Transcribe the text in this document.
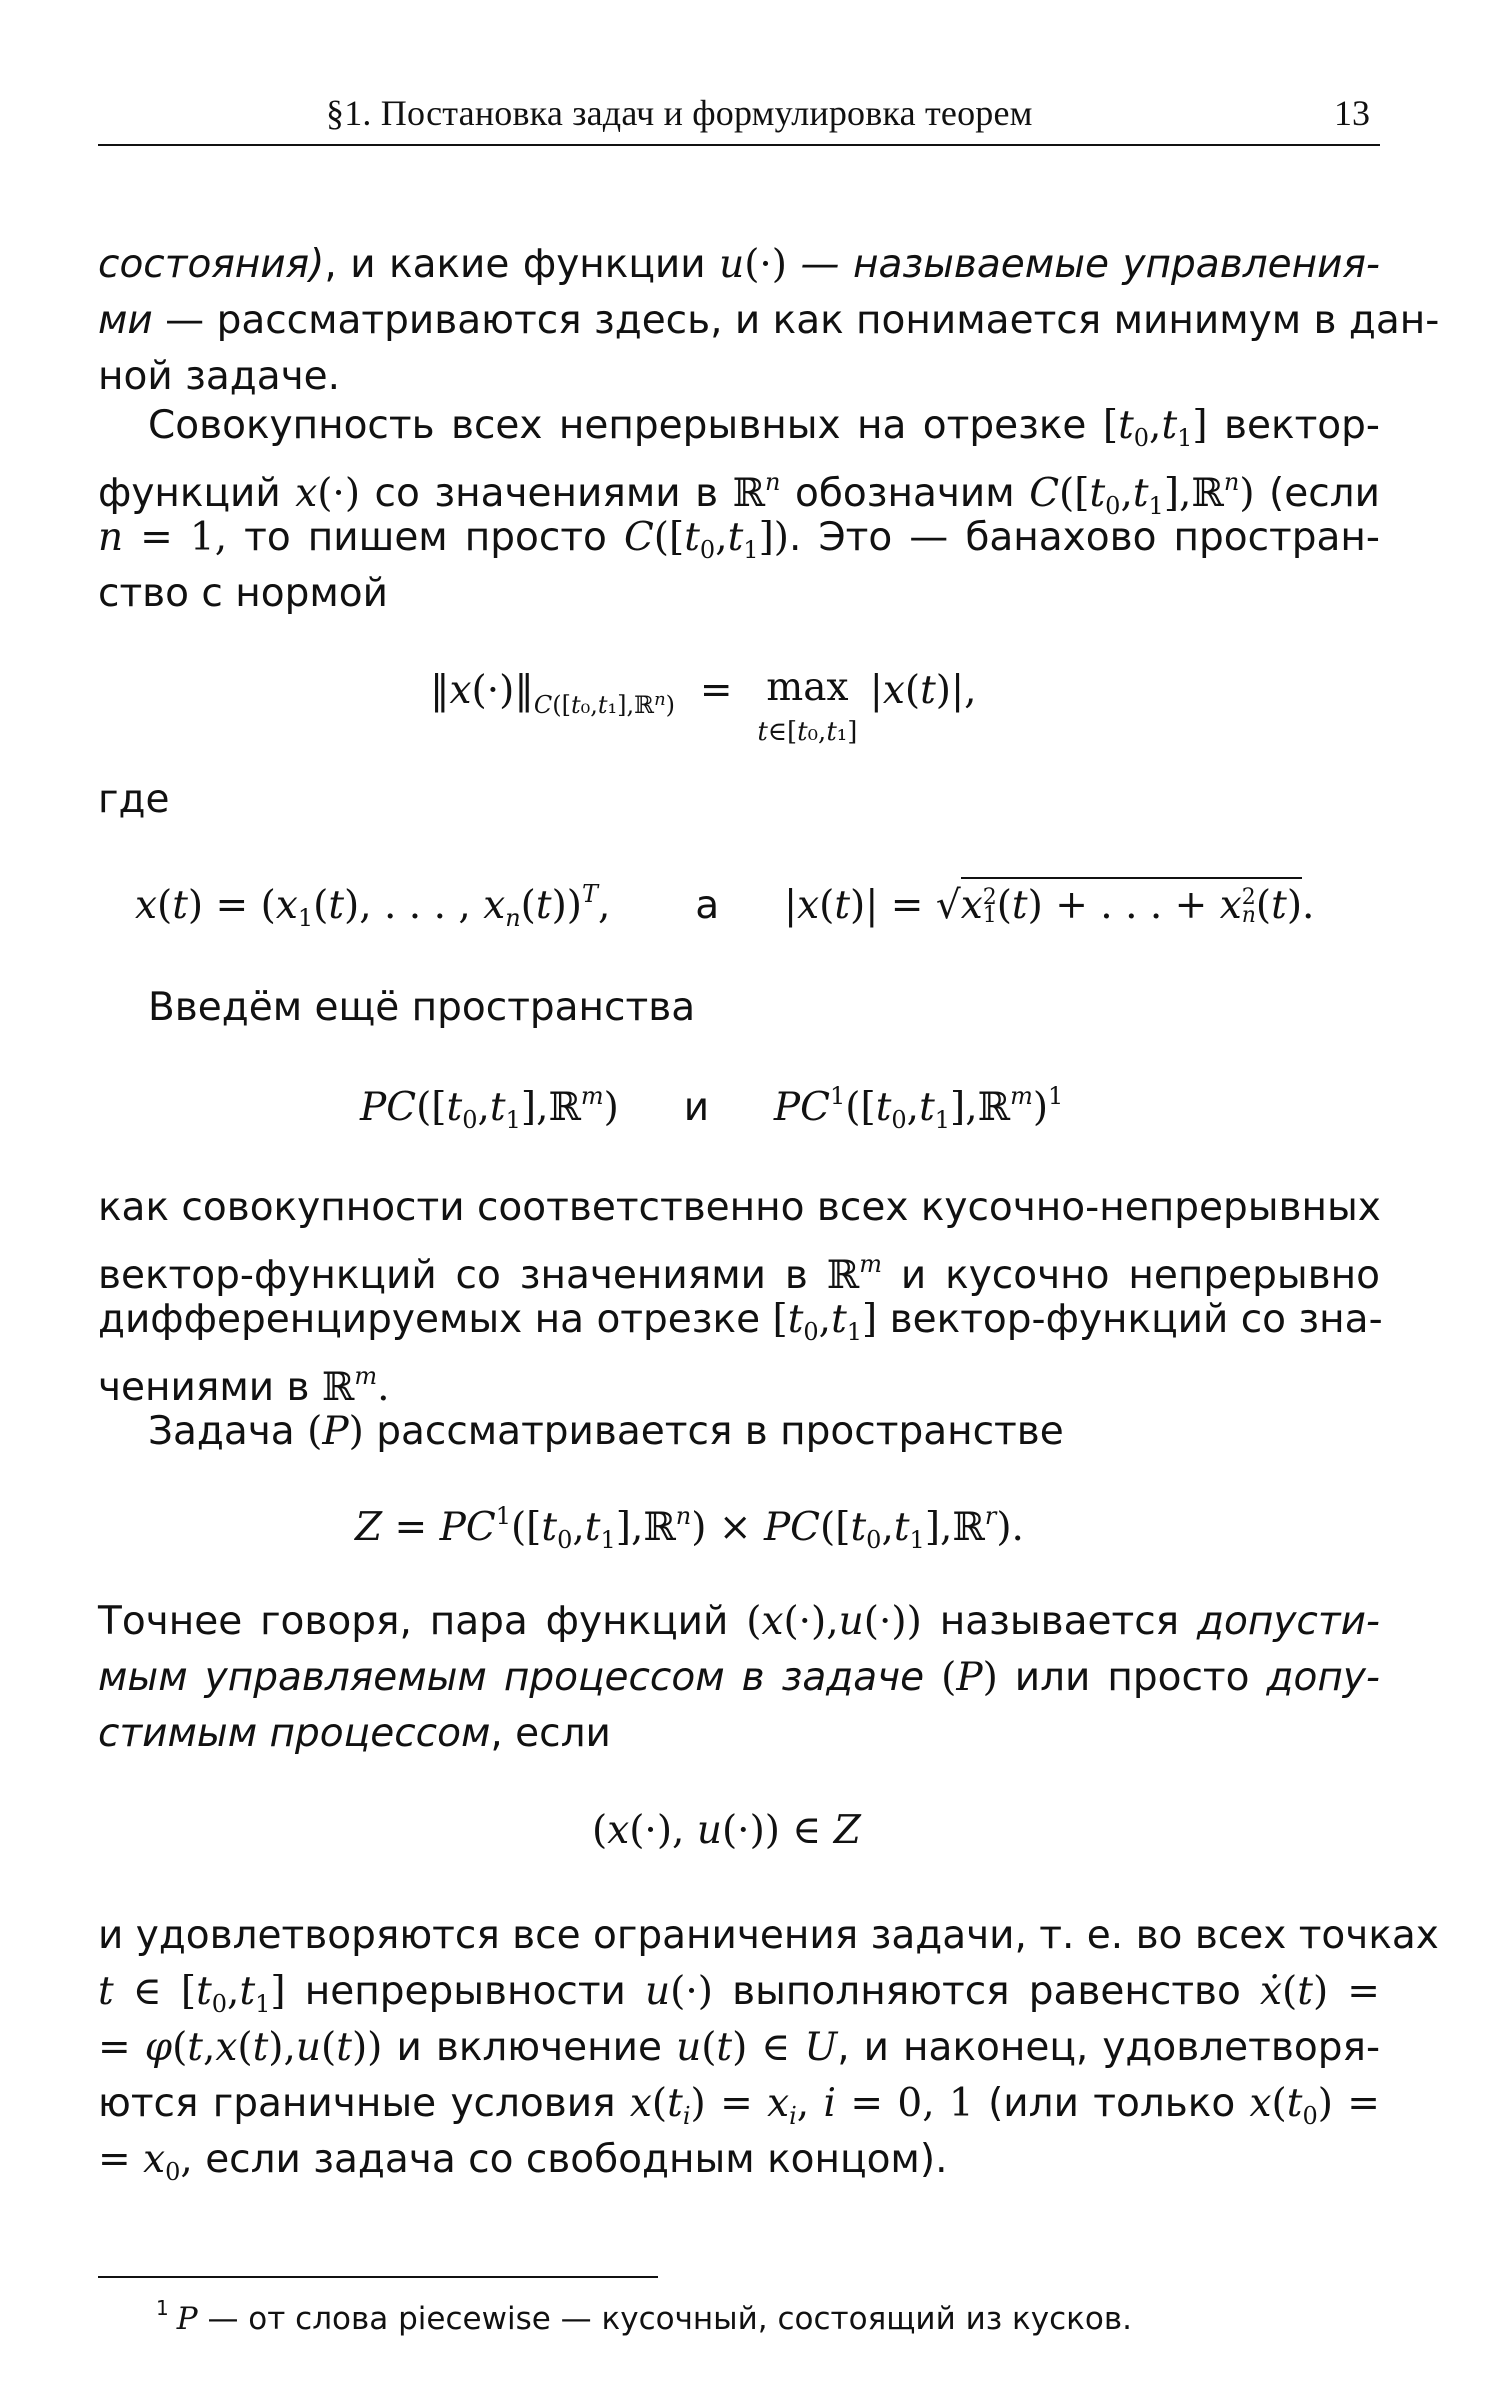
§1. Постановка задач и формулировка теорем	13
состояния), и какие функции u(·) — называемые управления-
ми — рассматриваются здесь, и как понимается минимум в дан-
ной задаче.
Совокупность всех непрерывных на отрезке $[t_0,t_1]$ вектор-
функций x(·) со значениями в ℝ$^n$ обозначим $C([t_0,t_1],ℝ^n)$ (если
n = 1, то пишем просто $C([t_0,t_1])$. Это — банахово простран-
ство с нормой
$‖x(\cdot)‖_{C([t_0,t_1],ℝ^n)} = \max$
t∈[t₀,t₁] |x(t)|,
где
$x(t) = (x_1(t)$, . . . , $x_n(t))^T$, а |x(t)| = √x2
1(t) + . . . + x2
n(t).
Введём ещё пространства
$PC([t_0,t_1],ℝ^m)$ и $PC^1([t_0,t_1],ℝ^m)^1$
как совокупности соответственно всех кусочно-непрерывных
вектор-функций со значениями в ℝ$^m$ и кусочно непрерывно
дифференцируемых на отрезке $[t_0,t_1]$ вектор-функций со зна-
чениями в ℝ$^m$.
Задача (P) рассматривается в пространстве
$Z = PC^1([t_0,t_1],ℝ^n)$ × $PC([t_0,t_1],ℝ^r)$.
Точнее говоря, пара функций (x(·),u(·)) называется допусти-
мым управляемым процессом в задаче (P) или просто допу-
стимым процессом, если
(x(·), u(·)) ∈ Z
и удовлетворяются все ограничения задачи, т. е. во всех точках
t ∈ $[t_0,t_1]$ непрерывности u(·) выполняются равенство ẋ(t) =
= φ(t,x(t),u(t)) и включение u(t) ∈ U, и наконец, удовлетворя-
ются граничные условия $x(t_i) = x_i$, i = 0, 1 (или только $x(t_0)$ =
= $x_0$, если задача со свободным концом).
$^1$ P — от слова piecewise — кусочный, состоящий из кусков.
